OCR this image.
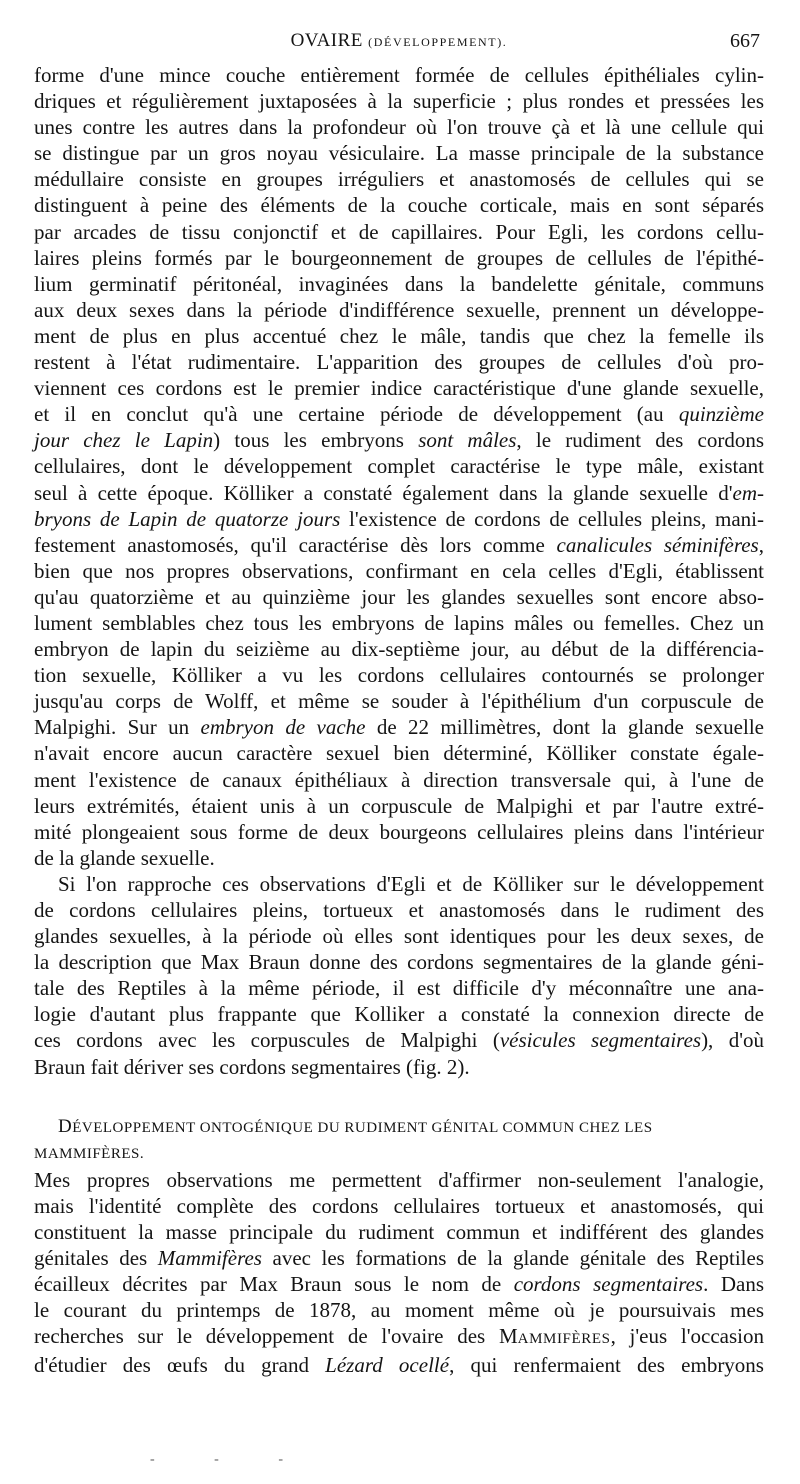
OVAIRE (DÉVELOPPEMENT).	667

forme d'une mince couche entièrement formée de cellules épithéliales cylin-

driques et régulièrement juxtaposées à la superficie ; plus rondes et pressées les

unes contre les autres dans la profondeur où l'on trouve çà et là une cellule qui

se distingue par un gros noyau vésiculaire. La masse principale de la substance

médullaire consiste en groupes irréguliers et anastomosés de cellules qui se

distinguent à peine des éléments de la couche corticale, mais en sont séparés

par arcades de tissu conjonctif et de capillaires. Pour Egli, les cordons cellu-

laires pleins formés par le bourgeonnement de groupes de cellules de l'épithé-

lium germinatif péritonéal, invaginées dans la bandelette génitale, communs

aux deux sexes dans la période d'indifférence sexuelle, prennent un développe-

ment de plus en plus accentué chez le mâle, tandis que chez la femelle ils

restent à l'état rudimentaire. L'apparition des groupes de cellules d'où pro-

viennent ces cordons est le premier indice caractéristique d'une glande sexuelle,

et il en conclut qu'à une certaine période de développement (au quinzième

jour chez le Lapin) tous les embryons sont mâles, le rudiment des cordons

cellulaires, dont le développement complet caractérise le type mâle, existant

seul à cette époque. Kölliker a constaté également dans la glande sexuelle d'em-

bryons de Lapin de quatorze jours l'existence de cordons de cellules pleins, mani-

festement anastomosés, qu'il caractérise dès lors comme canalicules séminifères,

bien que nos propres observations, confirmant en cela celles d'Egli, établissent

qu'au quatorzième et au quinzième jour les glandes sexuelles sont encore abso-

lument semblables chez tous les embryons de lapins mâles ou femelles. Chez un

embryon de lapin du seizième au dix-septième jour, au début de la différencia-

tion sexuelle, Kölliker a vu les cordons cellulaires contournés se prolonger

jusqu'au corps de Wolff, et même se souder à l'épithélium d'un corpuscule de

Malpighi. Sur un embryon de vache de 22 millimètres, dont la glande sexuelle

n'avait encore aucun caractère sexuel bien déterminé, Kölliker constate égale-

ment l'existence de canaux épithéliaux à direction transversale qui, à l'une de

leurs extrémités, étaient unis à un corpuscule de Malpighi et par l'autre extré-

mité plongeaient sous forme de deux bourgeons cellulaires pleins dans l'intérieur

de la glande sexuelle.

Si l'on rapproche ces observations d'Egli et de Kölliker sur le développement

de cordons cellulaires pleins, tortueux et anastomosés dans le rudiment des

glandes sexuelles, à la période où elles sont identiques pour les deux sexes, de

la description que Max Braun donne des cordons segmentaires de la glande géni-

tale des Reptiles à la même période, il est difficile d'y méconnaître une ana-

logie d'autant plus frappante que Kolliker a constaté la connexion directe de

ces cordons avec les corpuscules de Malpighi (vésicules segmentaires), d'où

Braun fait dériver ses cordons segmentaires (fig. 2).

DÉVELOPPEMENT ONTOGÉNIQUE DU RUDIMENT GÉNITAL COMMUN CHEZ LES MAMMIFÈRES.

Mes propres observations me permettent d'affirmer non-seulement l'analogie,

mais l'identité complète des cordons cellulaires tortueux et anastomosés, qui

constituent la masse principale du rudiment commun et indifférent des glandes

génitales des Mammifères avec les formations de la glande génitale des Reptiles

écailleux décrites par Max Braun sous le nom de cordons segmentaires. Dans

le courant du printemps de 1878, au moment même où je poursuivais mes

recherches sur le développement de l'ovaire des MAMMIFÈRES, j'eus l'occasion

d'étudier des œufs du grand Lézard ocellé, qui renfermaient des embryons

- - -
